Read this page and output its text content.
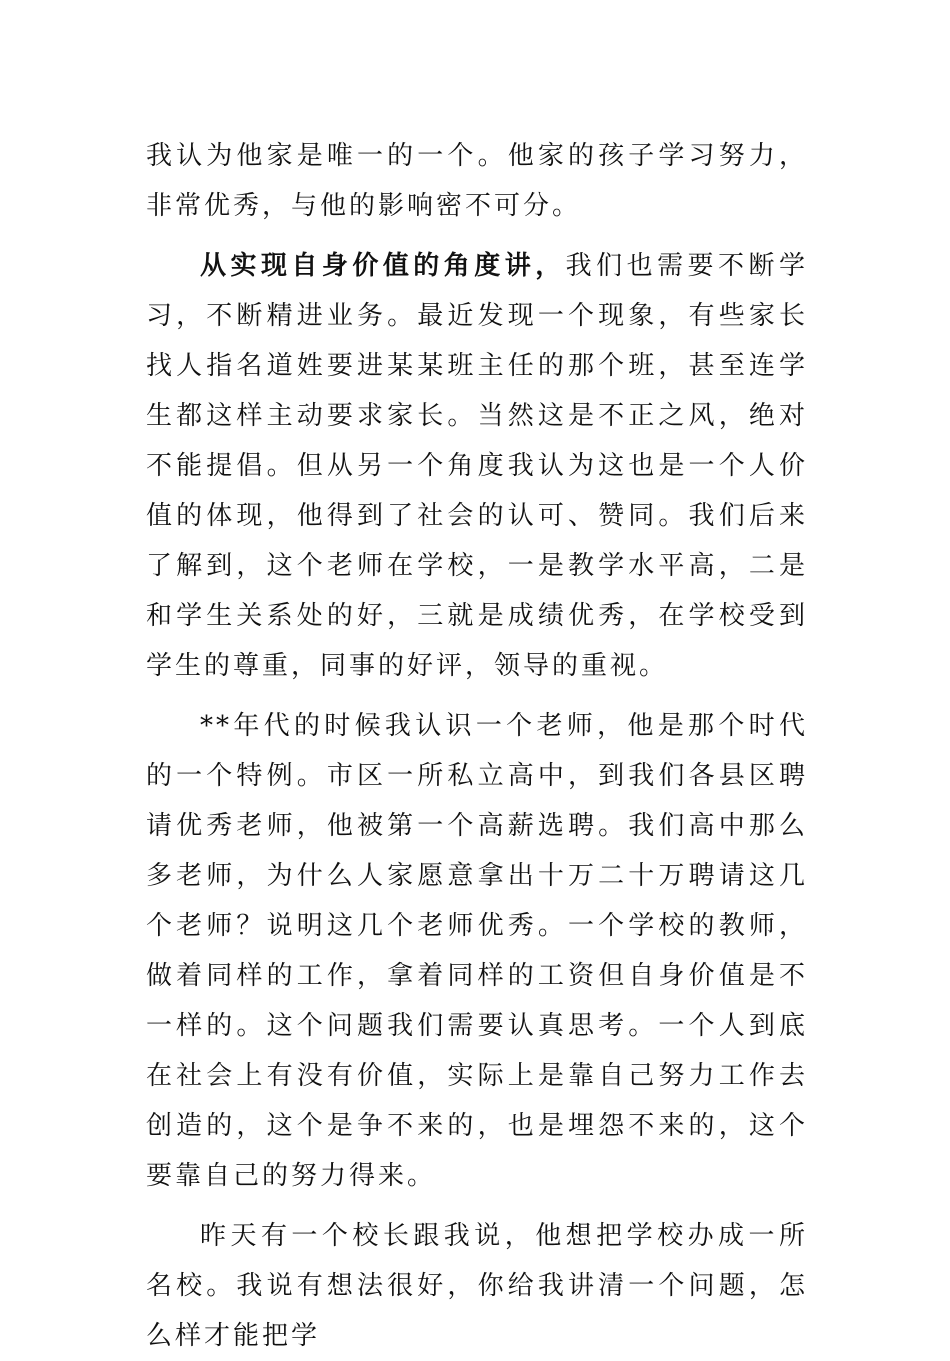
我认为他家是唯一的一个。他家的孩子学习努力，非常优秀，与他的影响密不可分。

从实现自身价值的角度讲，我们也需要不断学习，不断精进业务。最近发现一个现象，有些家长找人指名道姓要进某某班主任的那个班，甚至连学生都这样主动要求家长。当然这是不正之风，绝对不能提倡。但从另一个角度我认为这也是一个人价值的体现，他得到了社会的认可、赞同。我们后来了解到，这个老师在学校，一是教学水平高，二是和学生关系处的好，三就是成绩优秀，在学校受到学生的尊重，同事的好评，领导的重视。

**年代的时候我认识一个老师，他是那个时代的一个特例。市区一所私立高中，到我们各县区聘请优秀老师，他被第一个高薪选聘。我们高中那么多老师，为什么人家愿意拿出十万二十万聘请这几个老师？说明这几个老师优秀。一个学校的教师，做着同样的工作，拿着同样的工资但自身价值是不一样的。这个问题我们需要认真思考。一个人到底在社会上有没有价值，实际上是靠自己努力工作去创造的，这个是争不来的，也是埋怨不来的，这个要靠自己的努力得来。

昨天有一个校长跟我说，他想把学校办成一所名校。我说有想法很好，你给我讲清一个问题，怎么样才能把学
